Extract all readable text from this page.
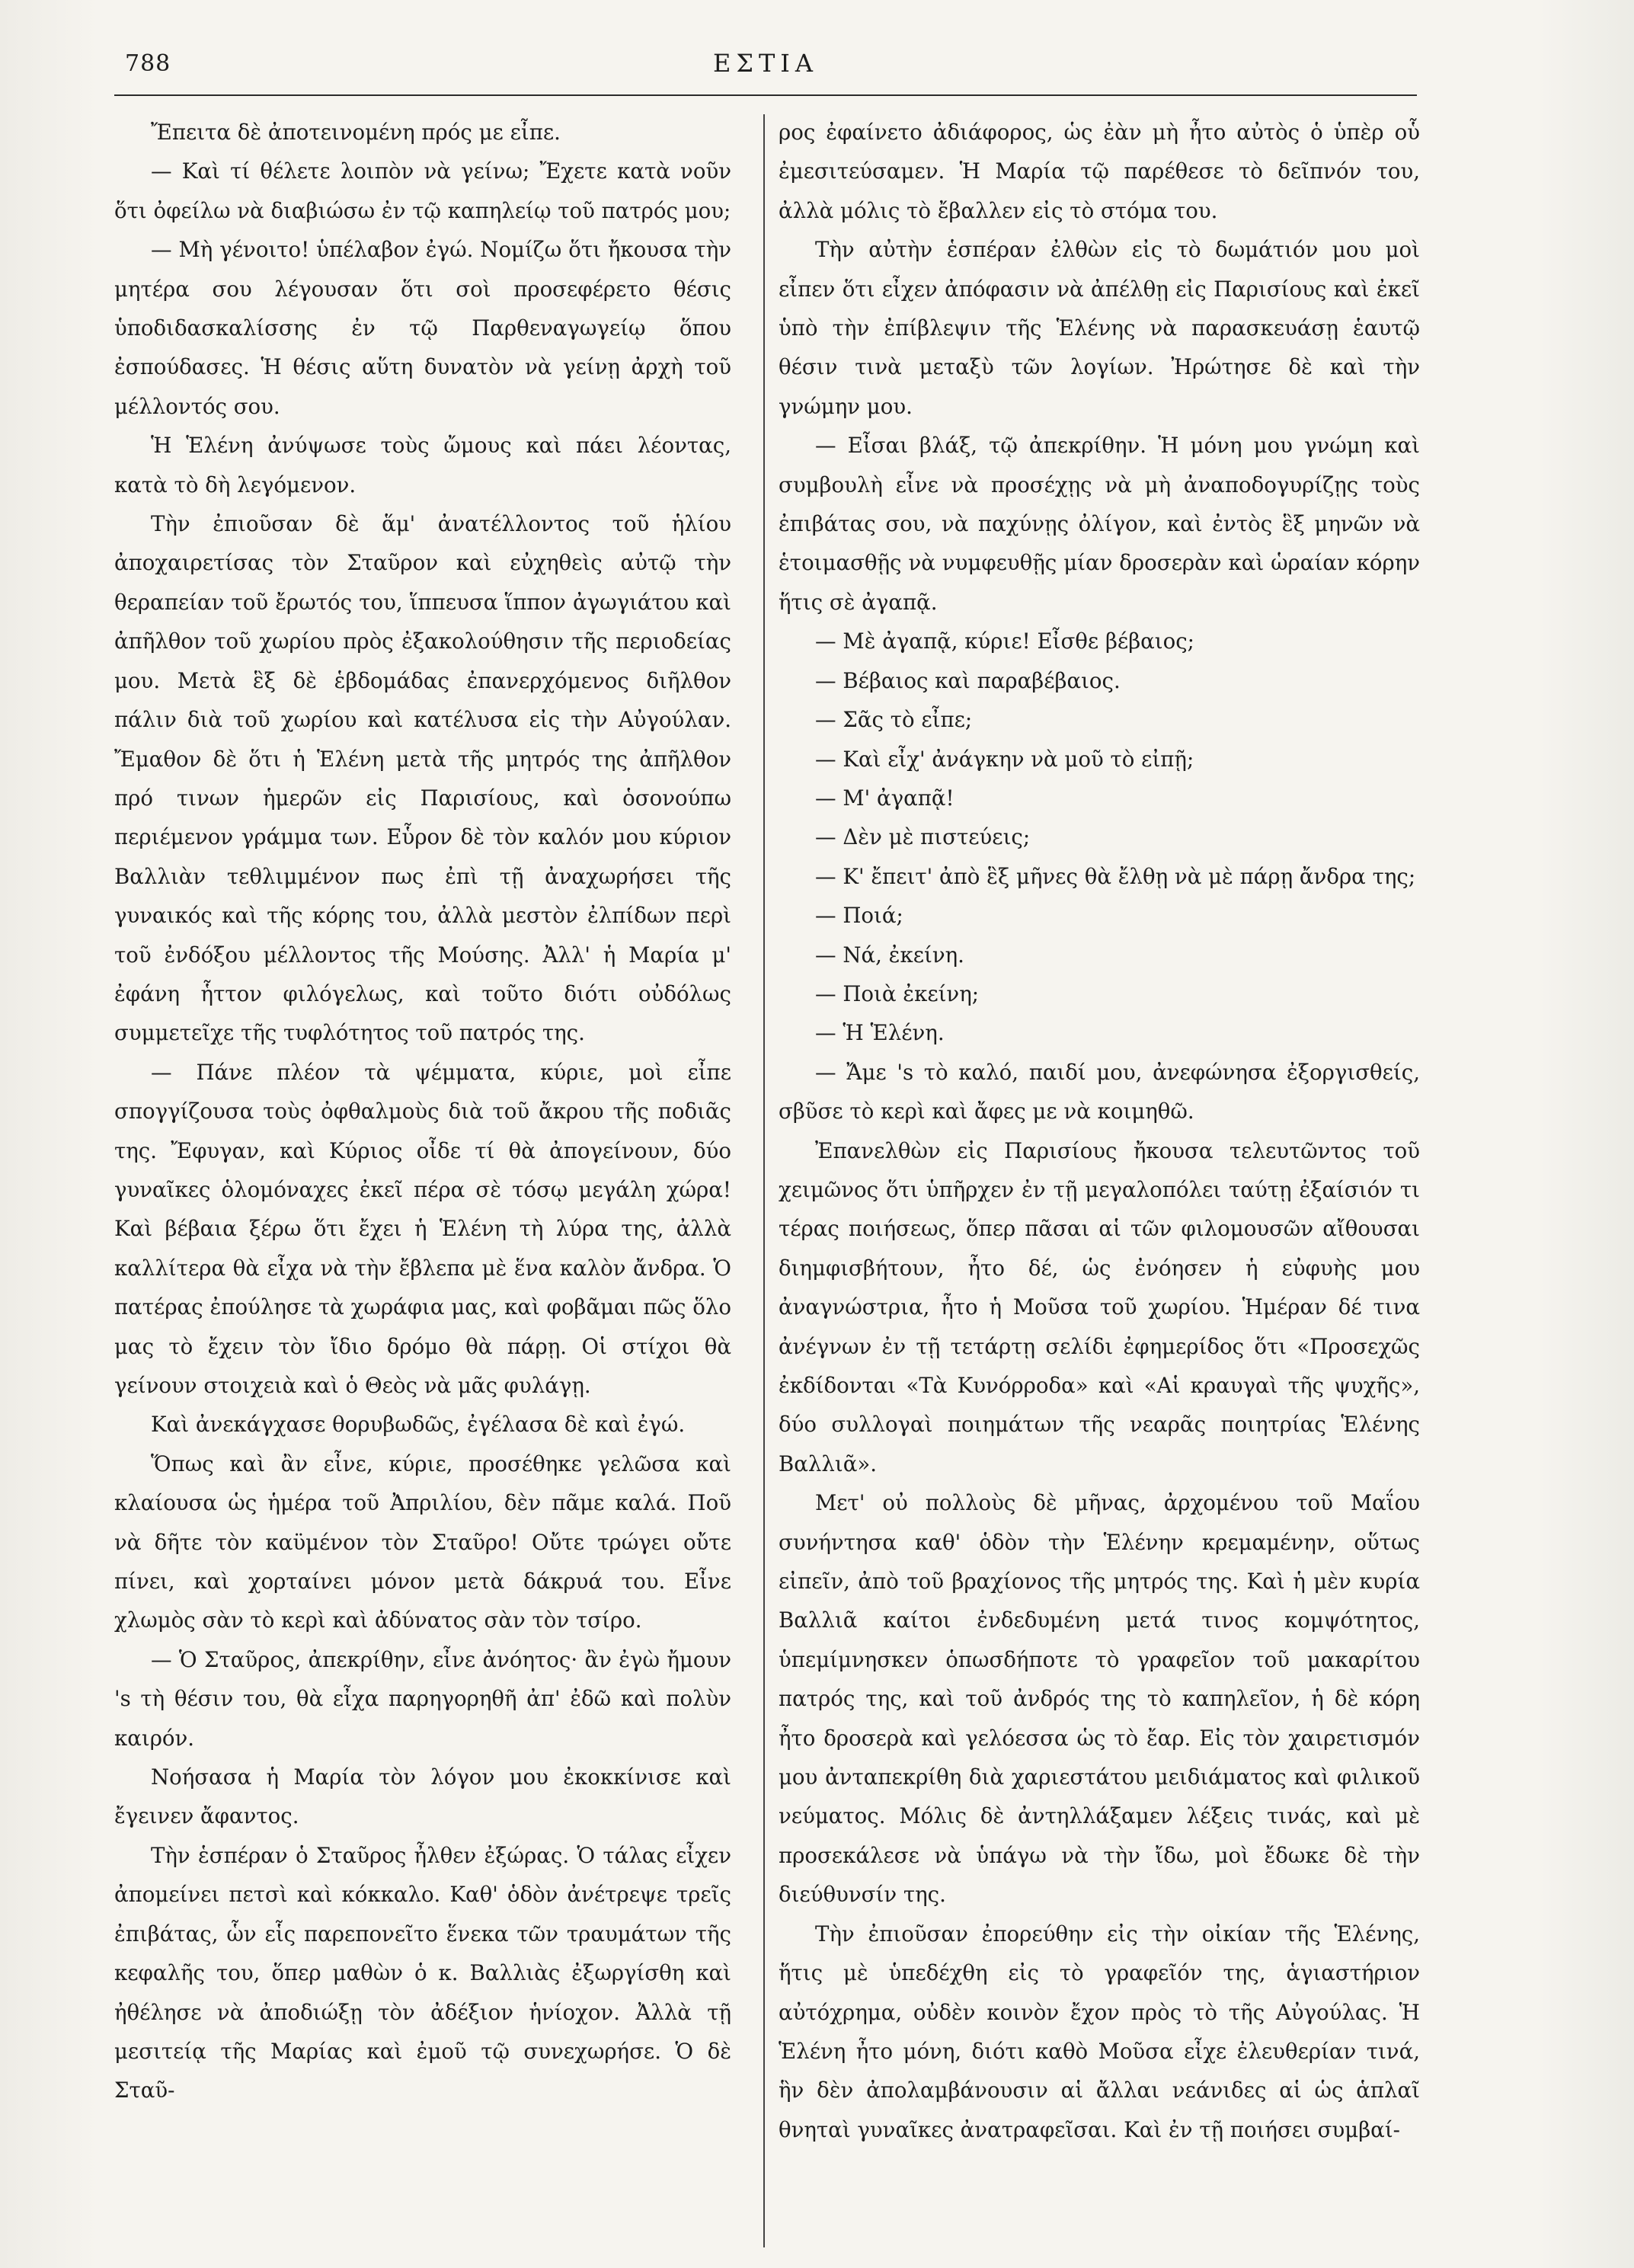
788	ΕΣΤΙΑ

Ἔπειτα δὲ ἀποτεινομένη πρός με εἶπε.

— Καὶ τί θέλετε λοιπὸν νὰ γείνω; Ἔχετε κατὰ νοῦν ὅτι ὀφείλω νὰ διαβιώσω ἐν τῷ καπηλείῳ τοῦ πατρός μου;

— Μὴ γένοιτο! ὑπέλαβον ἐγώ. Νομίζω ὅτι ἤκουσα τὴν μητέρα σου λέγουσαν ὅτι σοὶ προσεφέρετο θέσις ὑποδιδασκαλίσσης ἐν τῷ Παρθεναγωγείῳ ὅπου ἐσπούδασες. Ἡ θέσις αὕτη δυνατὸν νὰ γείνῃ ἀρχὴ τοῦ μέλλοντός σου.

Ἡ Ἑλένη ἀνύψωσε τοὺς ὤμους καὶ πάει λέοντας, κατὰ τὸ δὴ λεγόμενον.

Τὴν ἐπιοῦσαν δὲ ἅμ' ἀνατέλλοντος τοῦ ἡλίου ἀποχαιρετίσας τὸν Σταῦρον καὶ εὐχηθεὶς αὐτῷ τὴν θεραπείαν τοῦ ἔρωτός του, ἵππευσα ἵππον ἀγωγιάτου καὶ ἀπῆλθον τοῦ χωρίου πρὸς ἐξακολούθησιν τῆς περιοδείας μου. Μετὰ ἓξ δὲ ἑβδομάδας ἐπανερχόμενος διῆλθον πάλιν διὰ τοῦ χωρίου καὶ κατέλυσα εἰς τὴν Αὐγούλαν. Ἔμαθον δὲ ὅτι ἡ Ἑλένη μετὰ τῆς μητρός της ἀπῆλθον πρό τινων ἡμερῶν εἰς Παρισίους, καὶ ὁσονούπω περιέμενον γράμμα των. Εὗρον δὲ τὸν καλόν μου κύριον Βαλλιὰν τεθλιμμένον πως ἐπὶ τῇ ἀναχωρήσει τῆς γυναικός καὶ τῆς κόρης του, ἀλλὰ μεστὸν ἐλπίδων περὶ τοῦ ἐνδόξου μέλλοντος τῆς Μούσης. Ἀλλ' ἡ Μαρία μ' ἐφάνη ἧττον φιλόγελως, καὶ τοῦτο διότι οὐδόλως συμμετεῖχε τῆς τυφλότητος τοῦ πατρός της.

— Πάνε πλέον τὰ ψέμματα, κύριε, μοὶ εἶπε σπογγίζουσα τοὺς ὀφθαλμοὺς διὰ τοῦ ἄκρου τῆς ποδιᾶς της. Ἔφυγαν, καὶ Κύριος οἶδε τί θὰ ἀπογείνουν, δύο γυναῖκες ὁλομόναχες ἐκεῖ πέρα σὲ τόσῳ μεγάλη χώρα! Καὶ βέβαια ξέρω ὅτι ἔχει ἡ Ἑλένη τὴ λύρα της, ἀλλὰ καλλίτερα θὰ εἶχα νὰ τὴν ἔβλεπα μὲ ἕνα καλὸν ἄνδρα. Ὁ πατέρας ἐπούλησε τὰ χωράφια μας, καὶ φοβᾶμαι πῶς ὅλο μας τὸ ἔχειν τὸν ἴδιο δρόμο θὰ πάρῃ. Οἱ στίχοι θὰ γείνουν στοιχειὰ καὶ ὁ Θεὸς νὰ μᾶς φυλάγῃ.

Καὶ ἀνεκάγχασε θορυβωδῶς, ἐγέλασα δὲ καὶ ἐγώ.

Ὅπως καὶ ἂν εἶνε, κύριε, προσέθηκε γελῶσα καὶ κλαίουσα ὡς ἡμέρα τοῦ Ἀπριλίου, δὲν πᾶμε καλά. Ποῦ νὰ δῆτε τὸν καϋμένον τὸν Σταῦρο! Οὔτε τρώγει οὔτε πίνει, καὶ χορταίνει μόνον μετὰ δάκρυά του. Εἶνε χλωμὸς σὰν τὸ κερὶ καὶ ἀδύνατος σὰν τὸν τσίρο.

— Ὁ Σταῦρος, ἀπεκρίθην, εἶνε ἀνόητος· ἂν ἐγὼ ἤμουν 's τὴ θέσιν του, θὰ εἶχα παρηγορηθῆ ἀπ' ἐδῶ καὶ πολὺν καιρόν.

Νοήσασα ἡ Μαρία τὸν λόγον μου ἐκοκκίνισε καὶ ἔγεινεν ἄφαντος.

Τὴν ἑσπέραν ὁ Σταῦρος ἦλθεν ἐξώρας. Ὁ τάλας εἶχεν ἀπομείνει πετσὶ καὶ κόκκαλο. Καθ' ὁδὸν ἀνέτρεψε τρεῖς ἐπιβάτας, ὧν εἷς παρεπονεῖτο ἕνεκα τῶν τραυμάτων τῆς κεφαλῆς του, ὅπερ μαθὼν ὁ κ. Βαλλιὰς ἐξωργίσθη καὶ ἠθέλησε νὰ ἀποδιώξῃ τὸν ἀδέξιον ἡνίοχον. Ἀλλὰ τῇ μεσιτείᾳ τῆς Μαρίας καὶ ἐμοῦ τῷ συνεχωρήσε. Ὁ δὲ Σταῦ-

ρος ἐφαίνετο ἀδιάφορος, ὡς ἐὰν μὴ ἦτο αὐτὸς ὁ ὑπὲρ οὗ ἐμεσιτεύσαμεν. Ἡ Μαρία τῷ παρέθεσε τὸ δεῖπνόν του, ἀλλὰ μόλις τὸ ἔβαλλεν εἰς τὸ στόμα του.

Τὴν αὐτὴν ἑσπέραν ἐλθὼν εἰς τὸ δωμάτιόν μου μοὶ εἶπεν ὅτι εἶχεν ἀπόφασιν νὰ ἀπέλθῃ εἰς Παρισίους καὶ ἐκεῖ ὑπὸ τὴν ἐπίβλεψιν τῆς Ἑλένης νὰ παρασκευάσῃ ἑαυτῷ θέσιν τινὰ μεταξὺ τῶν λογίων. Ἠρώτησε δὲ καὶ τὴν γνώμην μου.

— Εἶσαι βλάξ, τῷ ἀπεκρίθην. Ἡ μόνη μου γνώμη καὶ συμβουλὴ εἶνε νὰ προσέχῃς νὰ μὴ ἀναποδογυρίζῃς τοὺς ἐπιβάτας σου, νὰ παχύνῃς ὀλίγον, καὶ ἐντὸς ἓξ μηνῶν νὰ ἑτοιμασθῇς νὰ νυμφευθῇς μίαν δροσερὰν καὶ ὡραίαν κόρην ἥτις σὲ ἀγαπᾷ.

— Μὲ ἀγαπᾷ, κύριε! Εἶσθε βέβαιος;

— Βέβαιος καὶ παραβέβαιος.

— Σᾶς τὸ εἶπε;

— Καὶ εἶχ' ἀνάγκην νὰ μοῦ τὸ εἰπῇ;

— Μ' ἀγαπᾷ!

— Δὲν μὲ πιστεύεις;

— Κ' ἔπειτ' ἀπὸ ἓξ μῆνες θὰ ἔλθῃ νὰ μὲ πάρῃ ἄνδρα της;

— Ποιά;

— Νά, ἐκείνη.

— Ποιὰ ἐκείνη;

— Ἡ Ἑλένη.

— Ἄμε 's τὸ καλό, παιδί μου, ἀνεφώνησα ἐξοργισθείς, σβῦσε τὸ κερὶ καὶ ἄφες με νὰ κοιμηθῶ.

Ἐπανελθὼν εἰς Παρισίους ἤκουσα τελευτῶντος τοῦ χειμῶνος ὅτι ὑπῆρχεν ἐν τῇ μεγαλοπόλει ταύτῃ ἐξαίσιόν τι τέρας ποιήσεως, ὅπερ πᾶσαι αἱ τῶν φιλομουσῶν αἴθουσαι διημφισβήτουν, ἦτο δέ, ὡς ἐνόησεν ἡ εὐφυὴς μου ἀναγνώστρια, ἦτο ἡ Μοῦσα τοῦ χωρίου. Ἡμέραν δέ τινα ἀνέγνων ἐν τῇ τετάρτῃ σελίδι ἐφημερίδος ὅτι «Προσεχῶς ἐκδίδονται «Τὰ Κυνόρροδα» καὶ «Αἱ κραυγαὶ τῆς ψυχῆς», δύο συλλογαὶ ποιημάτων τῆς νεαρᾶς ποιητρίας Ἑλένης Βαλλιᾶ».

Μετ' οὐ πολλοὺς δὲ μῆνας, ἀρχομένου τοῦ Μαΐου συνήντησα καθ' ὁδὸν τὴν Ἑλένην κρεμαμένην, οὕτως εἰπεῖν, ἀπὸ τοῦ βραχίονος τῆς μητρός της. Καὶ ἡ μὲν κυρία Βαλλιᾶ καίτοι ἐνδεδυμένη μετά τινος κομψότητος, ὑπεμίμνησκεν ὁπωσδήποτε τὸ γραφεῖον τοῦ μακαρίτου πατρός της, καὶ τοῦ ἀνδρός της τὸ καπηλεῖον, ἡ δὲ κόρη ἦτο δροσερὰ καὶ γελόεσσα ὡς τὸ ἔαρ. Εἰς τὸν χαιρετισμόν μου ἀνταπεκρίθη διὰ χαριεστάτου μειδιάματος καὶ φιλικοῦ νεύματος. Μόλις δὲ ἀντηλλάξαμεν λέξεις τινάς, καὶ μὲ προσεκάλεσε νὰ ὑπάγω νὰ τὴν ἴδω, μοὶ ἔδωκε δὲ τὴν διεύθυνσίν της.

Τὴν ἐπιοῦσαν ἐπορεύθην εἰς τὴν οἰκίαν τῆς Ἑλένης, ἥτις μὲ ὑπεδέχθη εἰς τὸ γραφεῖόν της, ἁγιαστήριον αὐτόχρημα, οὐδὲν κοινὸν ἔχον πρὸς τὸ τῆς Αὐγούλας. Ἡ Ἑλένη ἦτο μόνη, διότι καθὸ Μοῦσα εἶχε ἐλευθερίαν τινά, ἣν δὲν ἀπολαμβάνουσιν αἱ ἄλλαι νεάνιδες αἱ ὡς ἁπλαῖ θνηταὶ γυναῖκες ἀνατραφεῖσαι. Καὶ ἐν τῇ ποιήσει συμβαί-
